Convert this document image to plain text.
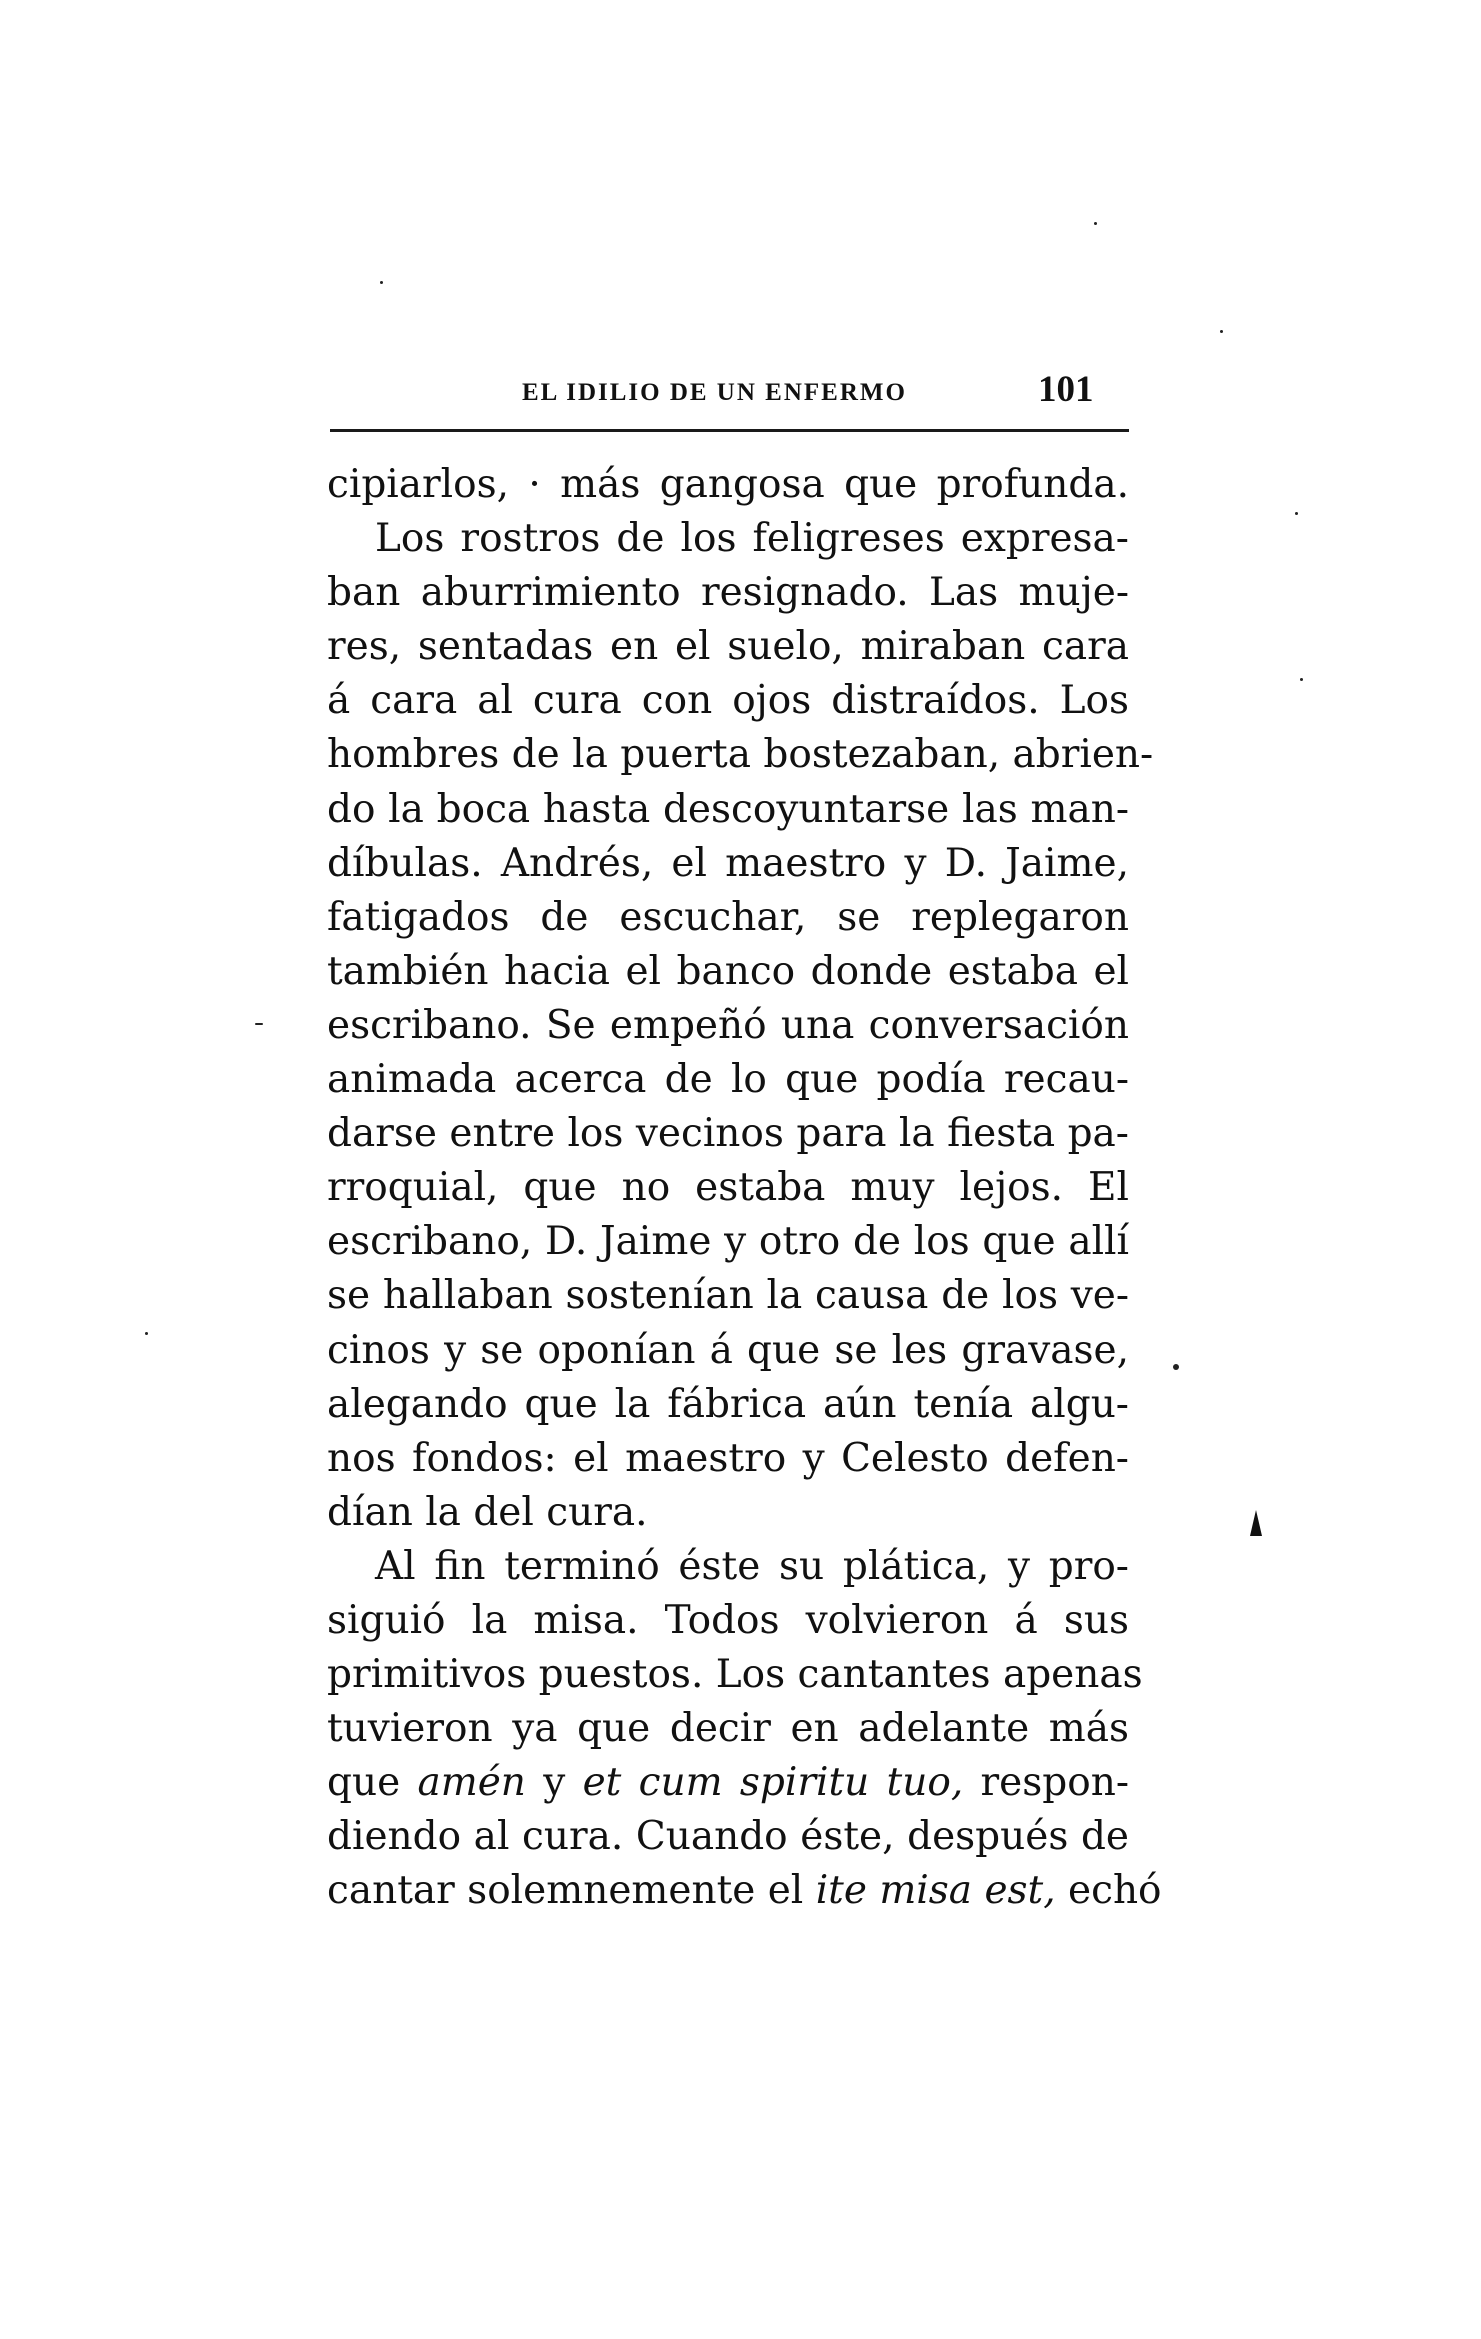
EL IDILIO DE UN ENFERMO	101
cipiarlos, · más gangosa que profunda.
Los rostros de los feligreses expresa-
ban aburrimiento resignado. Las muje-
res, sentadas en el suelo, miraban cara
á cara al cura con ojos distraídos. Los
hombres de la puerta bostezaban, abrien-
do la boca hasta descoyuntarse las man-
díbulas. Andrés, el maestro y D. Jaime,
fatigados de escuchar, se replegaron
también hacia el banco donde estaba el
escribano. Se empeñó una conversación
animada acerca de lo que podía recau-
darse entre los vecinos para la fiesta pa-
rroquial, que no estaba muy lejos. El
escribano, D. Jaime y otro de los que allí
se hallaban sostenían la causa de los ve-
cinos y se oponían á que se les gravase,
alegando que la fábrica aún tenía algu-
nos fondos: el maestro y Celesto defen-
dían la del cura.
Al fin terminó éste su plática, y pro-
siguió la misa. Todos volvieron á sus
primitivos puestos. Los cantantes apenas
tuvieron ya que decir en adelante más
que amén y et cum spiritu tuo, respon-
diendo al cura. Cuando éste, después de
cantar solemnemente el ite misa est, echó
